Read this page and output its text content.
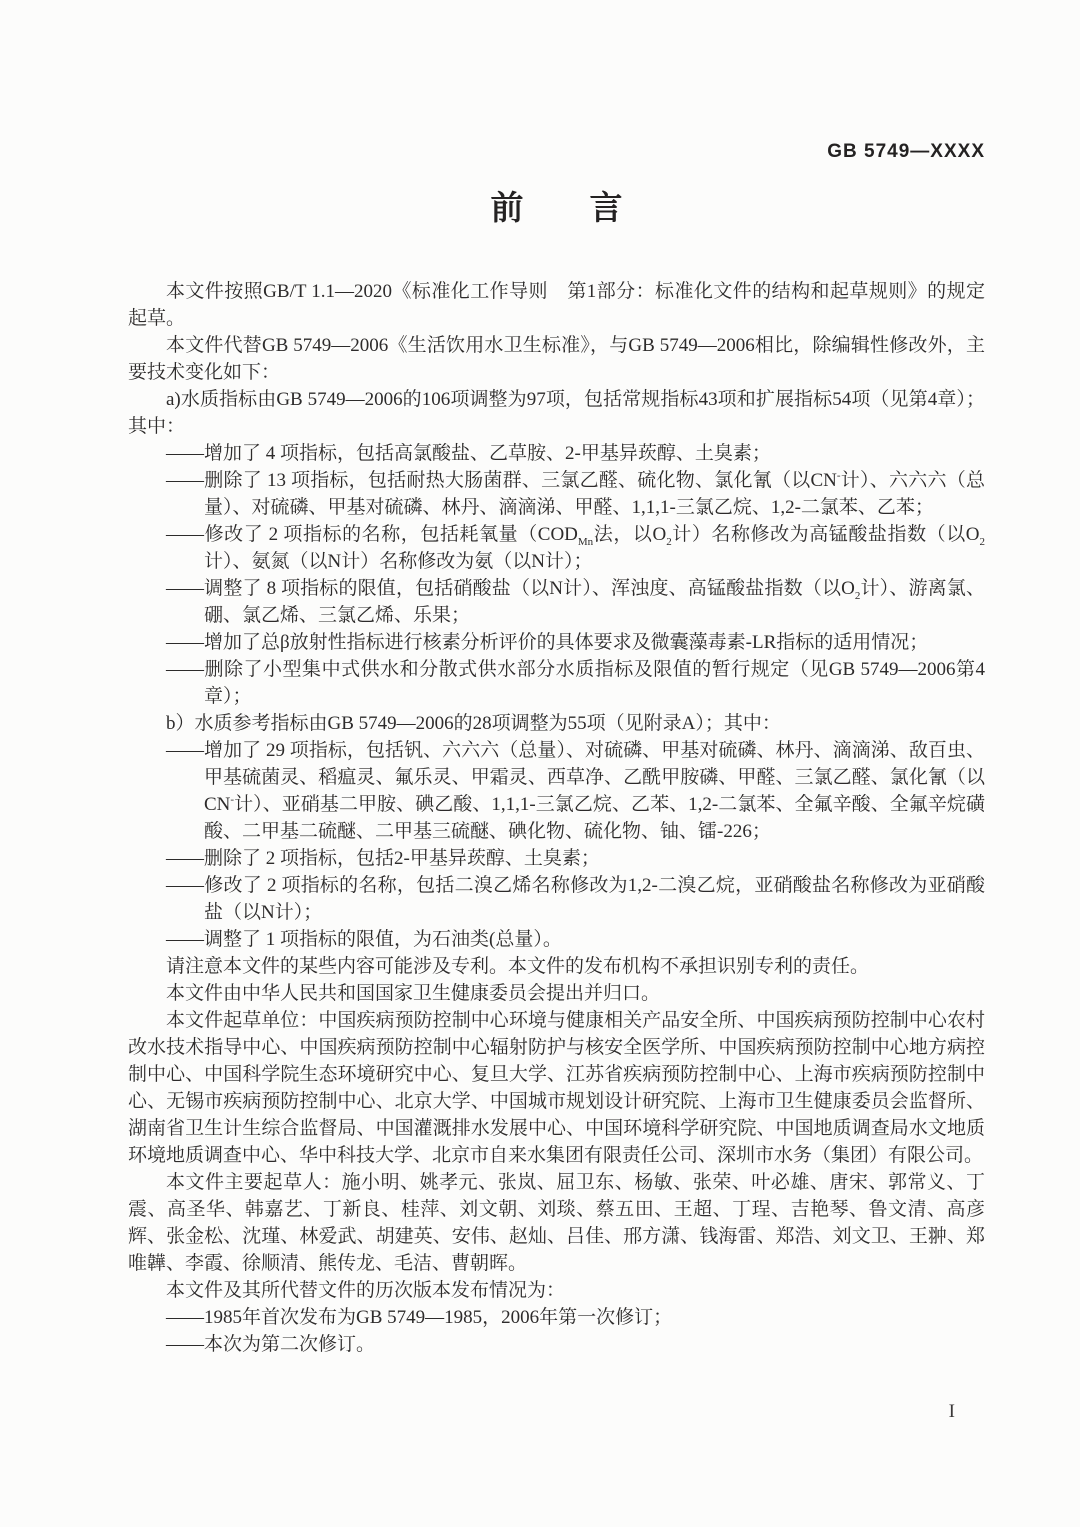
GB 5749—XXXX
前　　言
本文件按照GB/T 1.1—2020《标准化工作导则　第1部分：标准化文件的结构和起草规则》的规定起草。
本文件代替GB 5749—2006《生活饮用水卫生标准》，与GB 5749—2006相比，除编辑性修改外，主要技术变化如下：
a)水质指标由GB 5749—2006的106项调整为97项，包括常规指标43项和扩展指标54项（见第4章）；其中：
——增加了 4 项指标，包括高氯酸盐、乙草胺、2-甲基异莰醇、土臭素；
——删除了 13 项指标，包括耐热大肠菌群、三氯乙醛、硫化物、氯化氰（以CN-计）、六六六（总量）、对硫磷、甲基对硫磷、林丹、滴滴涕、甲醛、1,1,1-三氯乙烷、1,2-二氯苯、乙苯；
——修改了 2 项指标的名称，包括耗氧量（$COD_{Mn}$法，以$O_2$计）名称修改为高锰酸盐指数（以$O_2$计）、氨氮（以N计）名称修改为氨（以N计）；
——调整了 8 项指标的限值，包括硝酸盐（以N计）、浑浊度、高锰酸盐指数（以$O_2$计）、游离氯、硼、氯乙烯、三氯乙烯、乐果；
——增加了总β放射性指标进行核素分析评价的具体要求及微囊藻毒素-LR指标的适用情况；
——删除了小型集中式供水和分散式供水部分水质指标及限值的暂行规定（见GB 5749—2006第4章）；
b）水质参考指标由GB 5749—2006的28项调整为55项（见附录A）；其中：
——增加了 29 项指标，包括钒、六六六（总量）、对硫磷、甲基对硫磷、林丹、滴滴涕、敌百虫、甲基硫菌灵、稻瘟灵、氟乐灵、甲霜灵、西草净、乙酰甲胺磷、甲醛、三氯乙醛、氯化氰（以CN-计）、亚硝基二甲胺、碘乙酸、1,1,1-三氯乙烷、乙苯、1,2-二氯苯、全氟辛酸、全氟辛烷磺酸、二甲基二硫醚、二甲基三硫醚、碘化物、硫化物、铀、镭-226；
——删除了 2 项指标，包括2-甲基异莰醇、土臭素；
——修改了 2 项指标的名称，包括二溴乙烯名称修改为1,2-二溴乙烷，亚硝酸盐名称修改为亚硝酸盐（以N计）；
——调整了 1 项指标的限值，为石油类(总量）。
请注意本文件的某些内容可能涉及专利。本文件的发布机构不承担识别专利的责任。
本文件由中华人民共和国国家卫生健康委员会提出并归口。
本文件起草单位：中国疾病预防控制中心环境与健康相关产品安全所、中国疾病预防控制中心农村改水技术指导中心、中国疾病预防控制中心辐射防护与核安全医学所、中国疾病预防控制中心地方病控制中心、中国科学院生态环境研究中心、复旦大学、江苏省疾病预防控制中心、上海市疾病预防控制中心、无锡市疾病预防控制中心、北京大学、中国城市规划设计研究院、上海市卫生健康委员会监督所、湖南省卫生计生综合监督局、中国灌溉排水发展中心、中国环境科学研究院、中国地质调查局水文地质环境地质调查中心、华中科技大学、北京市自来水集团有限责任公司、深圳市水务（集团）有限公司。
本文件主要起草人：施小明、姚孝元、张岚、屈卫东、杨敏、张荣、叶必雄、唐宋、郭常义、丁震、高圣华、韩嘉艺、丁新良、桂萍、刘文朝、刘琰、蔡五田、王超、丁珵、吉艳琴、鲁文清、高彦辉、张金松、沈瑾、林爱武、胡建英、安伟、赵灿、吕佳、邢方潇、钱海雷、郑浩、刘文卫、王翀、郑唯韡、李霞、徐顺清、熊传龙、毛洁、曹朝晖。
本文件及其所代替文件的历次版本发布情况为：
——1985年首次发布为GB 5749—1985，2006年第一次修订；
——本次为第二次修订。
I
